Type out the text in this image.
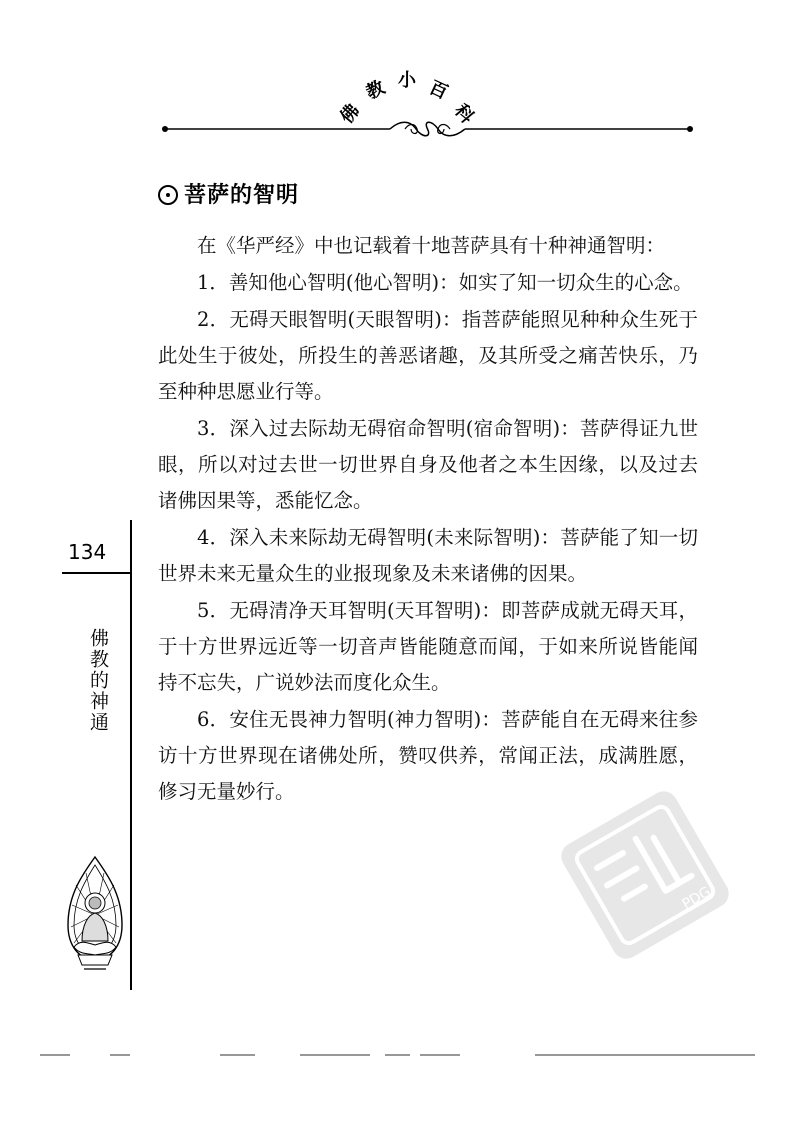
佛
教 小 百
科
菩萨的智明

在《华严经》中也记载着十地菩萨具有十种神通智明：

1．善知他心智明(他心智明)：如实了知一切众生的心念。

2．无碍天眼智明(天眼智明)：指菩萨能照见种种众生死于此处生于彼处，所投生的善恶诸趣，及其所受之痛苦快乐，乃至种种思愿业行等。

3．深入过去际劫无碍宿命智明(宿命智明)：菩萨得证九世眼，所以对过去世一切世界自身及他者之本生因缘，以及过去诸佛因果等，悉能忆念。

4．深入未来际劫无碍智明(未来际智明)：菩萨能了知一切世界未来无量众生的业报现象及未来诸佛的因果。

5．无碍清净天耳智明(天耳智明)：即菩萨成就无碍天耳，于十方世界远近等一切音声皆能随意而闻，于如来所说皆能闻持不忘失，广说妙法而度化众生。

6．安住无畏神力智明(神力智明)：菩萨能自在无碍来往参访十方世界现在诸佛处所，赞叹供养，常闻正法，成满胜愿，修习无量妙行。

134
佛教的神通
PDG
